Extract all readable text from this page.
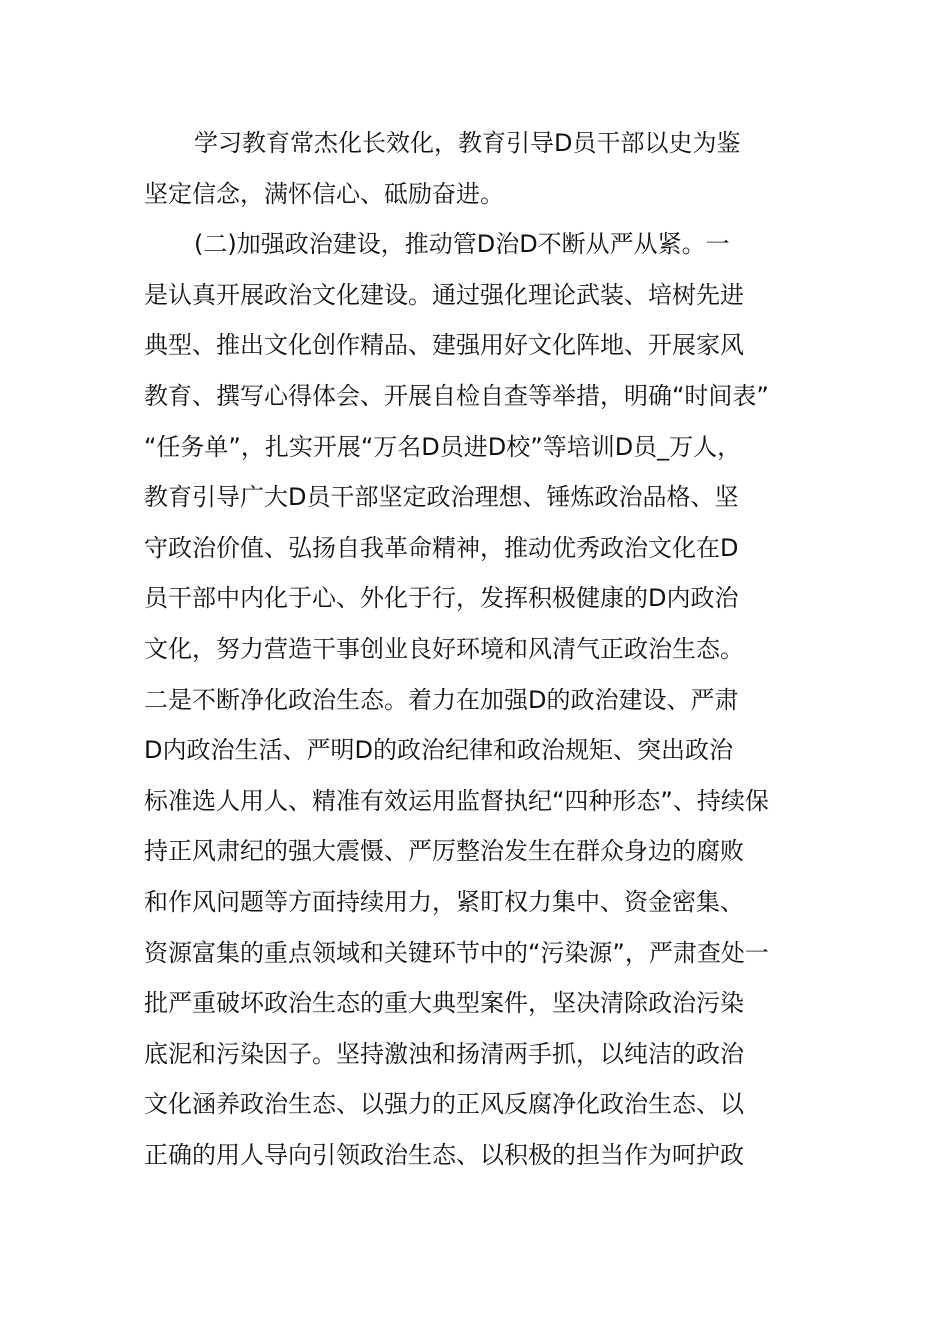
学习教育常杰化长效化，教育引导D员干部以史为鉴
坚定信念，满怀信心、砥励奋进。
(二)加强政治建设，推动管D治D不断从严从紧。一
是认真开展政治文化建设。通过强化理论武装、培树先进
典型、推出文化创作精品、建强用好文化阵地、开展家风
教育、撰写心得体会、开展自检自查等举措，明确“时间表”
“任务单”，扎实开展“万名D员进D校”等培训D员_万人，
教育引导广大D员干部坚定政治理想、锤炼政治品格、坚
守政治价值、弘扬自我革命精神，推动优秀政治文化在D
员干部中内化于心、外化于行，发挥积极健康的D内政治
文化，努力营造干事创业良好环境和风清气正政治生态。
二是不断净化政治生态。着力在加强D的政治建设、严肃
D内政治生活、严明D的政治纪律和政治规矩、突出政治
标准选人用人、精准有效运用监督执纪“四种形态”、持续保
持正风肃纪的强大震慑、严厉整治发生在群众身边的腐败
和作风问题等方面持续用力，紧盯权力集中、资金密集、
资源富集的重点领域和关键环节中的“污染源”，严肃查处一
批严重破坏政治生态的重大典型案件，坚决清除政治污染
底泥和污染因子。坚持激浊和扬清两手抓，以纯洁的政治
文化涵养政治生态、以强力的正风反腐净化政治生态、以
正确的用人导向引领政治生态、以积极的担当作为呵护政
